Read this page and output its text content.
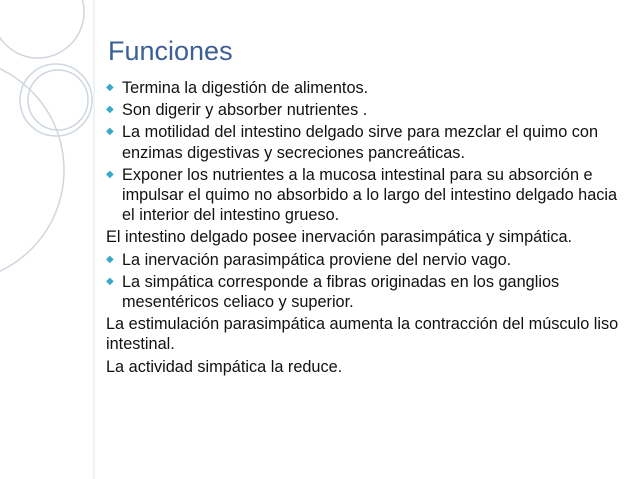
Funciones
◆ Termina la digestión de alimentos.
◆ Son digerir y absorber nutrientes .
◆ La motilidad del intestino delgado sirve para mezclar el quimo con enzimas digestivas y secreciones pancreáticas.
◆ Exponer los nutrientes a la mucosa intestinal para su absorción e impulsar el quimo no absorbido a lo largo del intestino delgado hacia el interior del intestino grueso.
El intestino delgado posee inervación parasimpática y simpática.
◆ La inervación parasimpática proviene del nervio vago.
◆ La simpática corresponde a fibras originadas en los ganglios mesentéricos celiaco y superior.
La estimulación parasimpática aumenta la contracción del músculo liso intestinal.
La actividad simpática la reduce.
